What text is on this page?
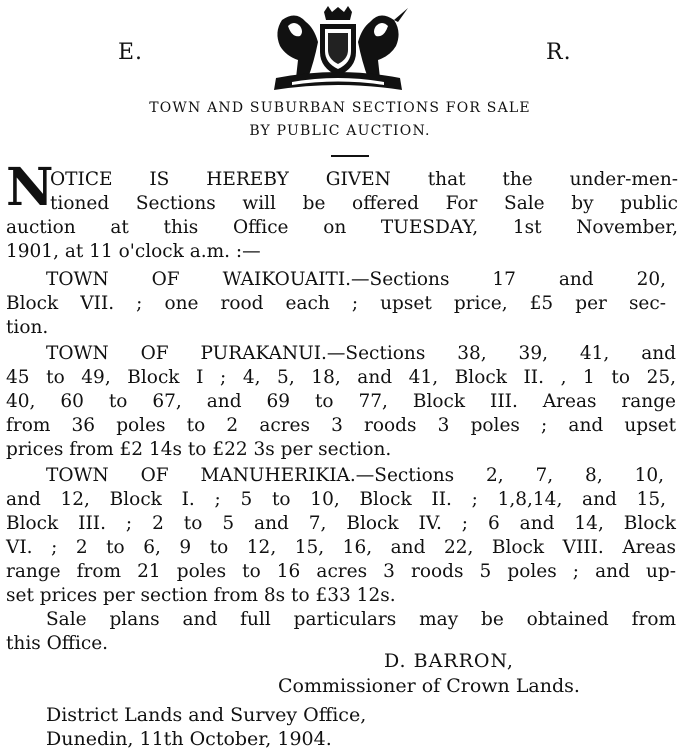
E.	R.
TOWN AND SUBURBAN SECTIONS FOR SALE
BY PUBLIC AUCTION.
N
OTICE IS HEREBY GIVEN that the under-men-
tioned Sections will be offered For Sale by public
auction at this Office on TUESDAY, 1st November,
1901, at 11 o'clock a.m. :—
TOWN OF WAIKOUAITI.—Sections 17 and 20,
Block VII. ; one rood each ; upset price, £5 per sec-
tion.
TOWN OF PURAKANUI.—Sections 38, 39, 41, and
45 to 49, Block I ; 4, 5, 18, and 41, Block II. , 1 to 25,
40, 60 to 67, and 69 to 77, Block III. Areas range
from 36 poles to 2 acres 3 roods 3 poles ; and upset
prices from £2 14s to £22 3s per section.
TOWN OF MANUHERIKIA.—Sections 2, 7, 8, 10,
and 12, Block I. ; 5 to 10, Block II. ; 1,8,14, and 15,
Block III. ; 2 to 5 and 7, Block IV. ; 6 and 14, Block
VI. ; 2 to 6, 9 to 12, 15, 16, and 22, Block VIII. Areas
range from 21 poles to 16 acres 3 roods 5 poles ; and up-
set prices per section from 8s to £33 12s.
Sale plans and full particulars may be obtained from
this Office.
D. BARRON,
Commissioner of Crown Lands.
District Lands and Survey Office,
Dunedin, 11th October, 1904.
